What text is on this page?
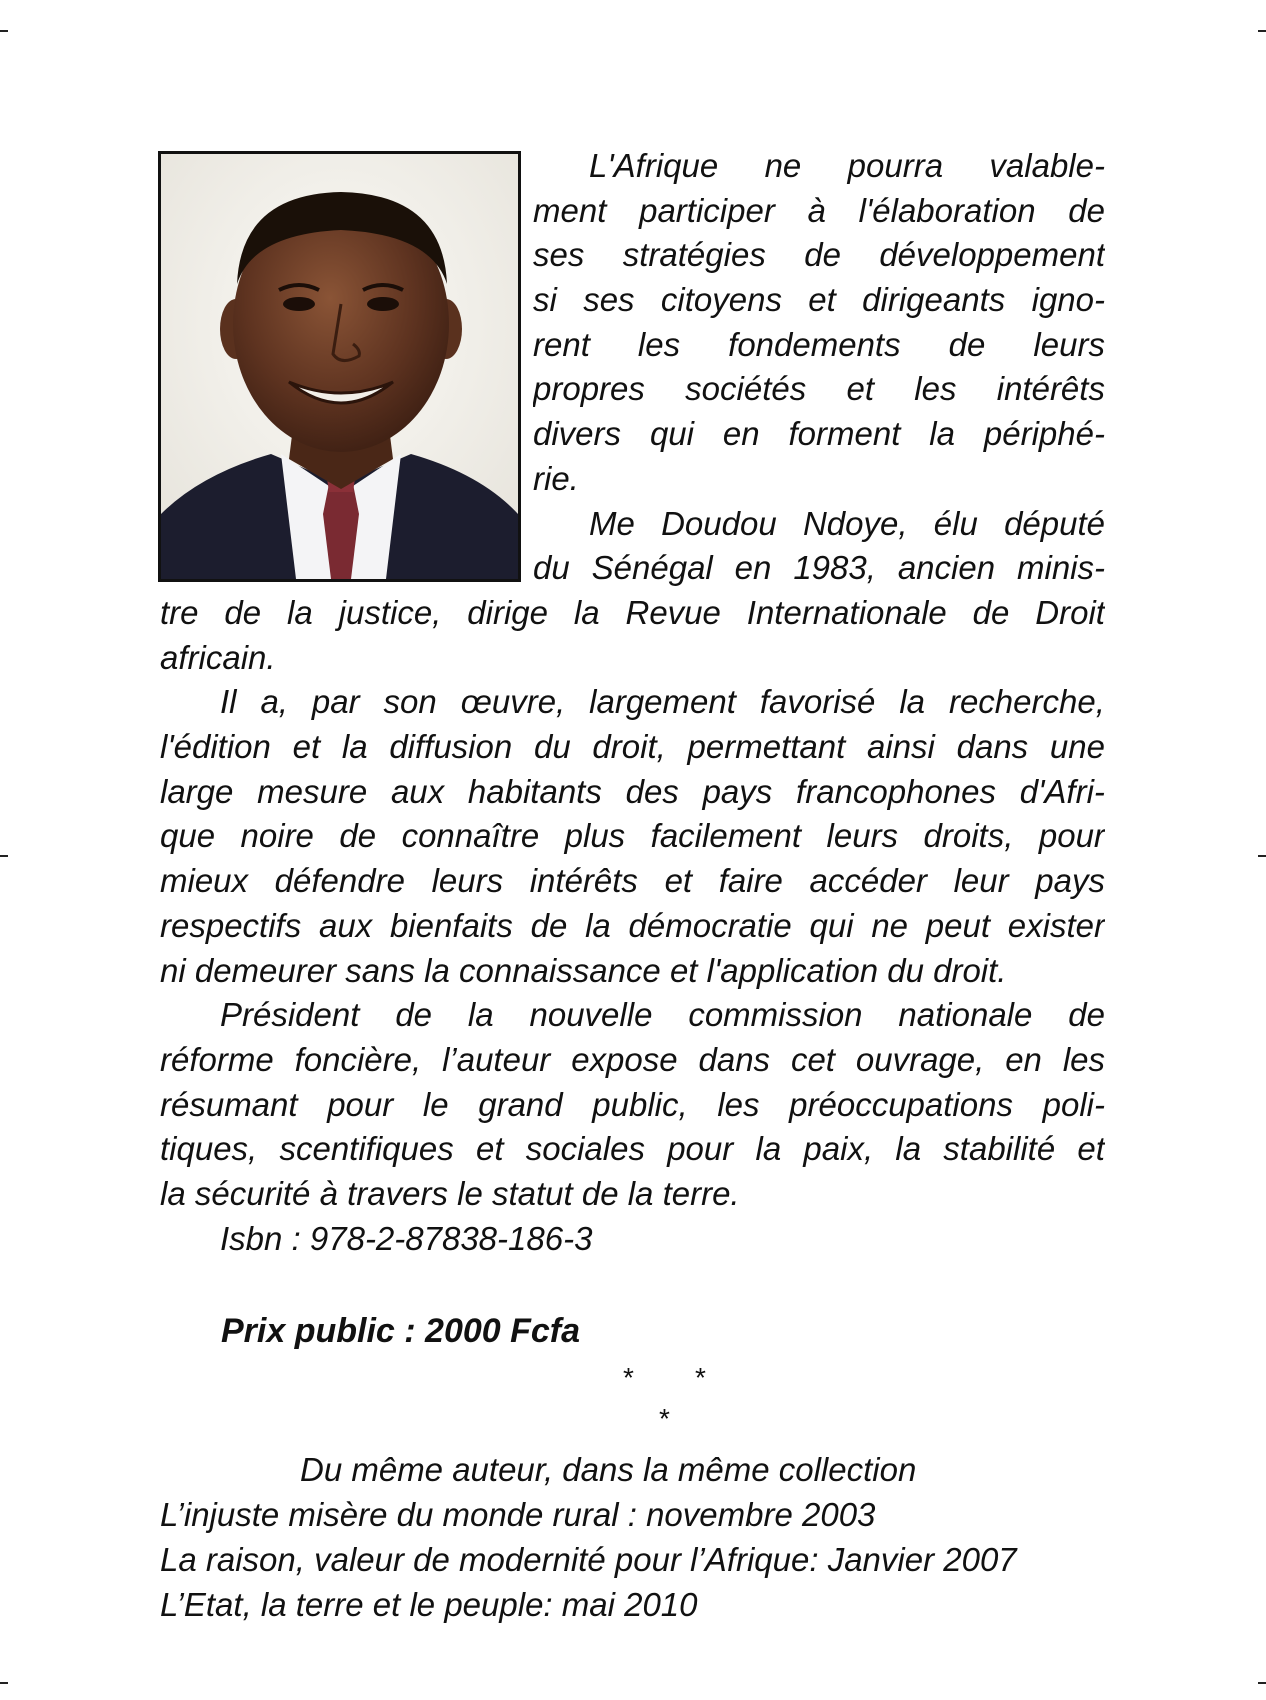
L'Afrique ne pourra valable-
ment participer à l'élaboration de
ses stratégies de développement
si ses citoyens et dirigeants igno-
rent les fondements de leurs
propres sociétés et les intérêts
divers qui en forment la périphé-
rie.
Me Doudou Ndoye, élu député
du Sénégal en 1983, ancien minis-
tre de la justice, dirige la Revue Internationale de Droit
africain.
Il a, par son œuvre, largement favorisé la recherche,
l'édition et la diffusion du droit, permettant ainsi dans une
large mesure aux habitants des pays francophones d'Afri-
que noire de connaître plus facilement leurs droits, pour
mieux défendre leurs intérêts et faire accéder leur pays
respectifs aux bienfaits de la démocratie qui ne peut exister
ni demeurer sans la connaissance et l'application du droit.
Président de la nouvelle commission nationale de
réforme foncière, l’auteur expose dans cet ouvrage, en les
résumant pour le grand public, les préoccupations poli-
tiques, scentifiques et sociales pour la paix, la stabilité et
la sécurité à travers le statut de la terre.
Isbn : 978-2-87838-186-3
Prix public : 2000 Fcfa
* *
*
Du même auteur, dans la même collection
L’injuste misère du monde rural : novembre 2003
La raison, valeur de modernité pour l’Afrique: Janvier 2007
L’Etat, la terre et le peuple: mai 2010
